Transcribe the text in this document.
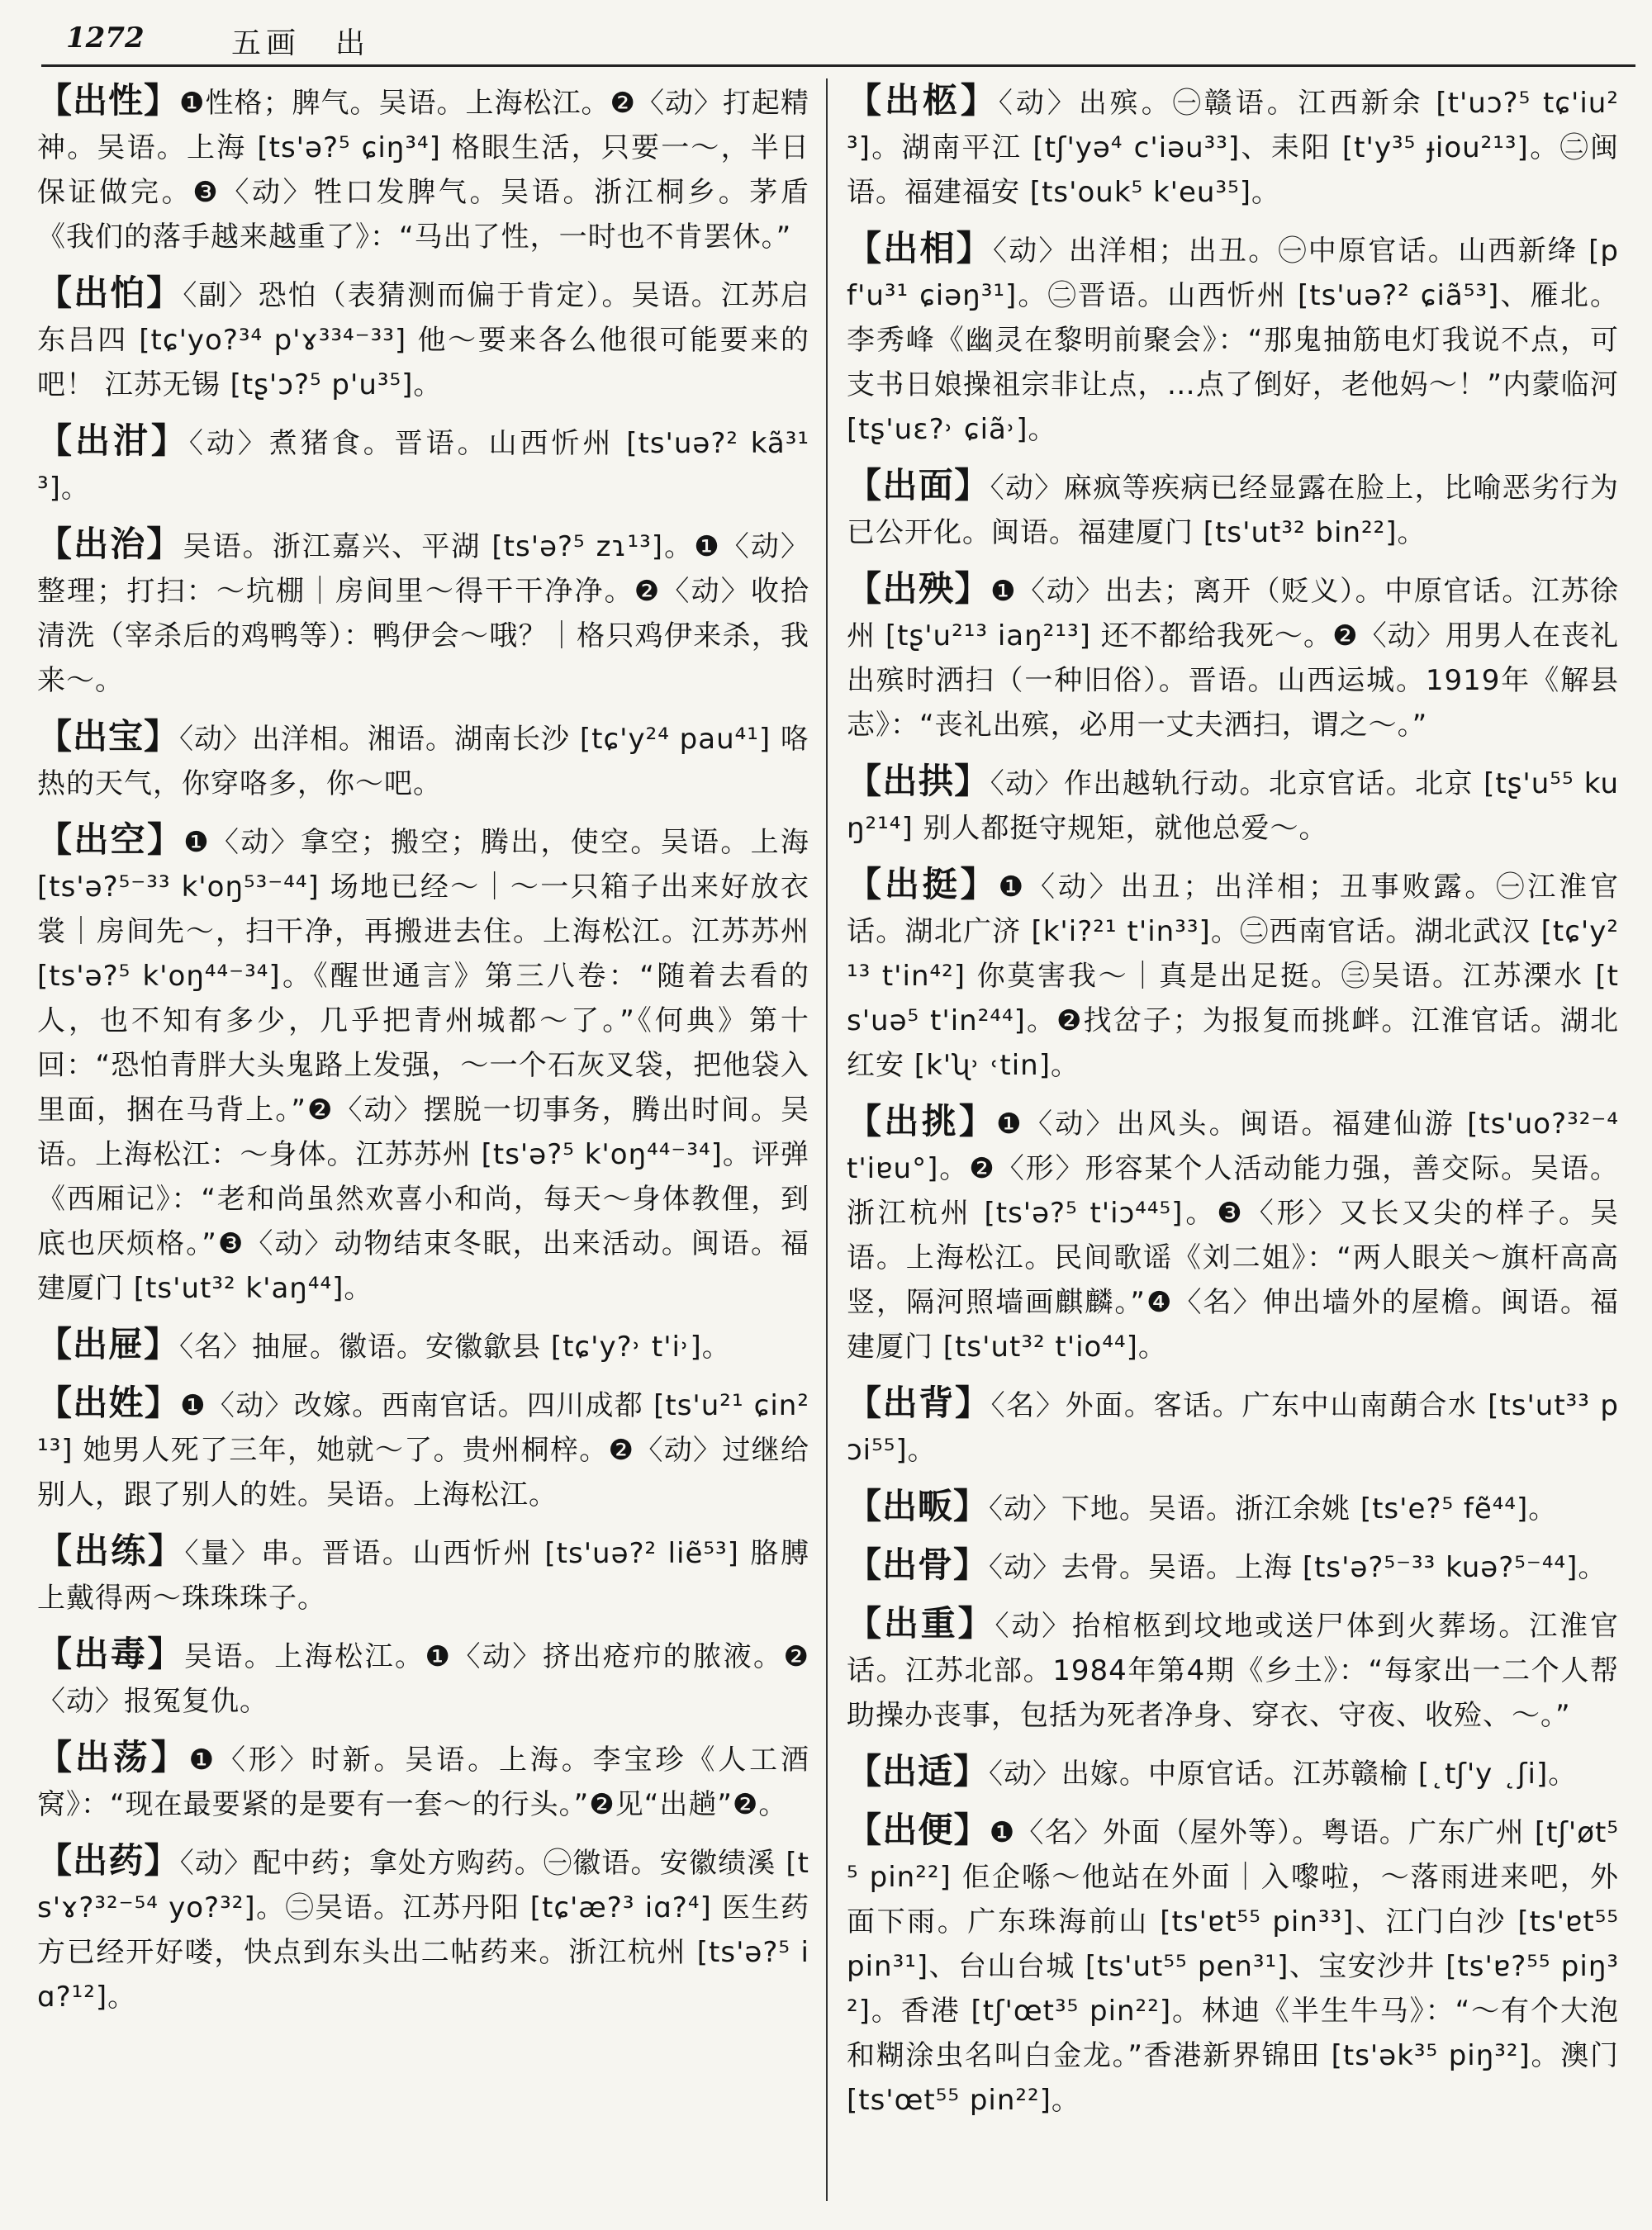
1272	五画　出

【出性】❶性格；脾气。吴语。上海松江。❷〈动〉打起精神。吴语。上海 [ts'ə?⁵ ɕiŋ³⁴] 格眼生活，只要一～，半日保证做完。❸〈动〉牲口发脾气。吴语。浙江桐乡。茅盾《我们的落手越来越重了》：“马出了性，一时也不肯罢休。”

【出怕】〈副〉恐怕（表猜测而偏于肯定）。吴语。江苏启东吕四 [tɕ'yo?³⁴ p'ɤ³³⁴⁻³³] 他～要来各么他很可能要来的吧！ 江苏无锡 [tʂ'ɔ?⁵ p'u³⁵]。

【出泔】〈动〉煮猪食。晋语。山西忻州 [ts'uə?² kã³¹³]。

【出治】吴语。浙江嘉兴、平湖 [ts'ə?⁵ zɿ¹³]。❶〈动〉整理；打扫：～坑棚｜房间里～得干干净净。❷〈动〉收拾清洗（宰杀后的鸡鸭等）：鸭伊会～哦？｜格只鸡伊来杀，我来～。

【出宝】〈动〉出洋相。湘语。湖南长沙 [tɕ'y²⁴ pau⁴¹] 咯热的天气，你穿咯多，你～吧。

【出空】❶〈动〉拿空；搬空；腾出，使空。吴语。上海 [ts'ə?⁵⁻³³ k'oŋ⁵³⁻⁴⁴] 场地已经～｜～一只箱子出来好放衣裳｜房间先～，扫干净，再搬进去住。上海松江。江苏苏州 [ts'ə?⁵ k'oŋ⁴⁴⁻³⁴]。《醒世通言》第三八卷：“随着去看的人，也不知有多少，几乎把青州城都～了。”《何典》第十回：“恐怕青胖大头鬼路上发强，～一个石灰叉袋，把他袋入里面，捆在马背上。”❷〈动〉摆脱一切事务，腾出时间。吴语。上海松江：～身体。江苏苏州 [ts'ə?⁵ k'oŋ⁴⁴⁻³⁴]。评弹《西厢记》：“老和尚虽然欢喜小和尚，每天～身体教俚，到底也厌烦格。”❸〈动〉动物结束冬眠，出来活动。闽语。福建厦门 [ts'ut³² k'aŋ⁴⁴]。

【出屉】〈名〉抽屉。徽语。安徽歙县 [tɕ'y?˒ t'i˒]。

【出姓】❶〈动〉改嫁。西南官话。四川成都 [ts'u²¹ ɕin²¹³] 她男人死了三年，她就～了。贵州桐梓。❷〈动〉过继给别人，跟了别人的姓。吴语。上海松江。

【出练】〈量〉串。晋语。山西忻州 [ts'uə?² liẽ⁵³] 胳膊上戴得两～珠珠珠子。

【出毒】吴语。上海松江。❶〈动〉挤出疮疖的脓液。❷〈动〉报冤复仇。

【出荡】❶〈形〉时新。吴语。上海。李宝珍《人工酒窝》：“现在最要紧的是要有一套～的行头。”❷见“出趟”❷。

【出药】〈动〉配中药；拿处方购药。㊀徽语。安徽绩溪 [ts'ɤ?³²⁻⁵⁴ yo?³²]。㊁吴语。江苏丹阳 [tɕ'æ?³ iɑ?⁴] 医生药方已经开好喽，快点到东头出二帖药来。浙江杭州 [ts'ə?⁵ iɑ?¹²]。

【出柩】〈动〉出殡。㊀赣语。江西新余 [t'uɔ?⁵ tɕ'iu²³]。湖南平江 [tʃ'yə⁴ c'iəu³³]、耒阳 [t'y³⁵ ɟiou²¹³]。㊁闽语。福建福安 [ts'ouk⁵ k'eu³⁵]。

【出相】〈动〉出洋相；出丑。㊀中原官话。山西新绛 [pf'u³¹ ɕiəŋ³¹]。㊁晋语。山西忻州 [ts'uə?² ɕiã⁵³]、雁北。李秀峰《幽灵在黎明前聚会》：“那鬼抽筋电灯我说不点，可支书日娘操祖宗非让点，…点了倒好，老他妈～！”内蒙临河 [tʂ'uɛ?˒ ɕiã˒]。

【出面】〈动〉麻疯等疾病已经显露在脸上，比喻恶劣行为已公开化。闽语。福建厦门 [ts'ut³² bin²²]。

【出殃】❶〈动〉出去；离开（贬义）。中原官话。江苏徐州 [tʂ'u²¹³ iaŋ²¹³] 还不都给我死～。❷〈动〉用男人在丧礼出殡时洒扫（一种旧俗）。晋语。山西运城。1919年《解县志》：“丧礼出殡，必用一丈夫洒扫，谓之～。”

【出拱】〈动〉作出越轨行动。北京官话。北京 [tʂ'u⁵⁵ kuŋ²¹⁴] 别人都挺守规矩，就他总爱～。

【出挺】❶〈动〉出丑；出洋相；丑事败露。㊀江淮官话。湖北广济 [k'i?²¹ t'in³³]。㊁西南官话。湖北武汉 [tɕ'y²¹³ t'in⁴²] 你莫害我～｜真是出足挺。㊂吴语。江苏溧水 [ts'uə⁵ t'in²⁴⁴]。❷找岔子；为报复而挑衅。江淮官话。湖北红安 [k'ʯ˒ ˓tin]。

【出挑】❶〈动〉出风头。闽语。福建仙游 [ts'uo?³²⁻⁴ t'iɐu°]。❷〈形〉形容某个人活动能力强，善交际。吴语。浙江杭州 [ts'ə?⁵ t'iɔ⁴⁴⁵]。❸〈形〉又长又尖的样子。吴语。上海松江。民间歌谣《刘二姐》：“两人眼关～旗杆高高竖，隔河照墙画麒麟。”❹〈名〉伸出墙外的屋檐。闽语。福建厦门 [ts'ut³² t'io⁴⁴]。

【出背】〈名〉外面。客话。广东中山南蓢合水 [ts'ut³³ pɔi⁵⁵]。

【出畈】〈动〉下地。吴语。浙江余姚 [ts'e?⁵ fẽ⁴⁴]。

【出骨】〈动〉去骨。吴语。上海 [ts'ə?⁵⁻³³ kuə?⁵⁻⁴⁴]。

【出重】〈动〉抬棺柩到坟地或送尸体到火葬场。江淮官话。江苏北部。1984年第4期《乡土》：“每家出一二个人帮助操办丧事，包括为死者净身、穿衣、守夜、收殓、～。”

【出适】〈动〉出嫁。中原官话。江苏赣榆 [˛tʃ'y ˛ʃi]。

【出便】❶〈名〉外面（屋外等）。粤语。广东广州 [tʃ'øt⁵⁵ pin²²] 佢企喺～他站在外面｜入嚟啦，～落雨进来吧，外面下雨。广东珠海前山 [ts'ɐt⁵⁵ pin³³]、江门白沙 [ts'ɐt⁵⁵ pin³¹]、台山台城 [ts'ut⁵⁵ pen³¹]、宝安沙井 [ts'ɐ?⁵⁵ piŋ³²]。香港 [tʃ'œt³⁵ pin²²]。林迪《半生牛马》：“～有个大泡和糊涂虫名叫白金龙。”香港新界锦田 [ts'ək³⁵ piŋ³²]。澳门 [ts'œt⁵⁵ pin²²]。
